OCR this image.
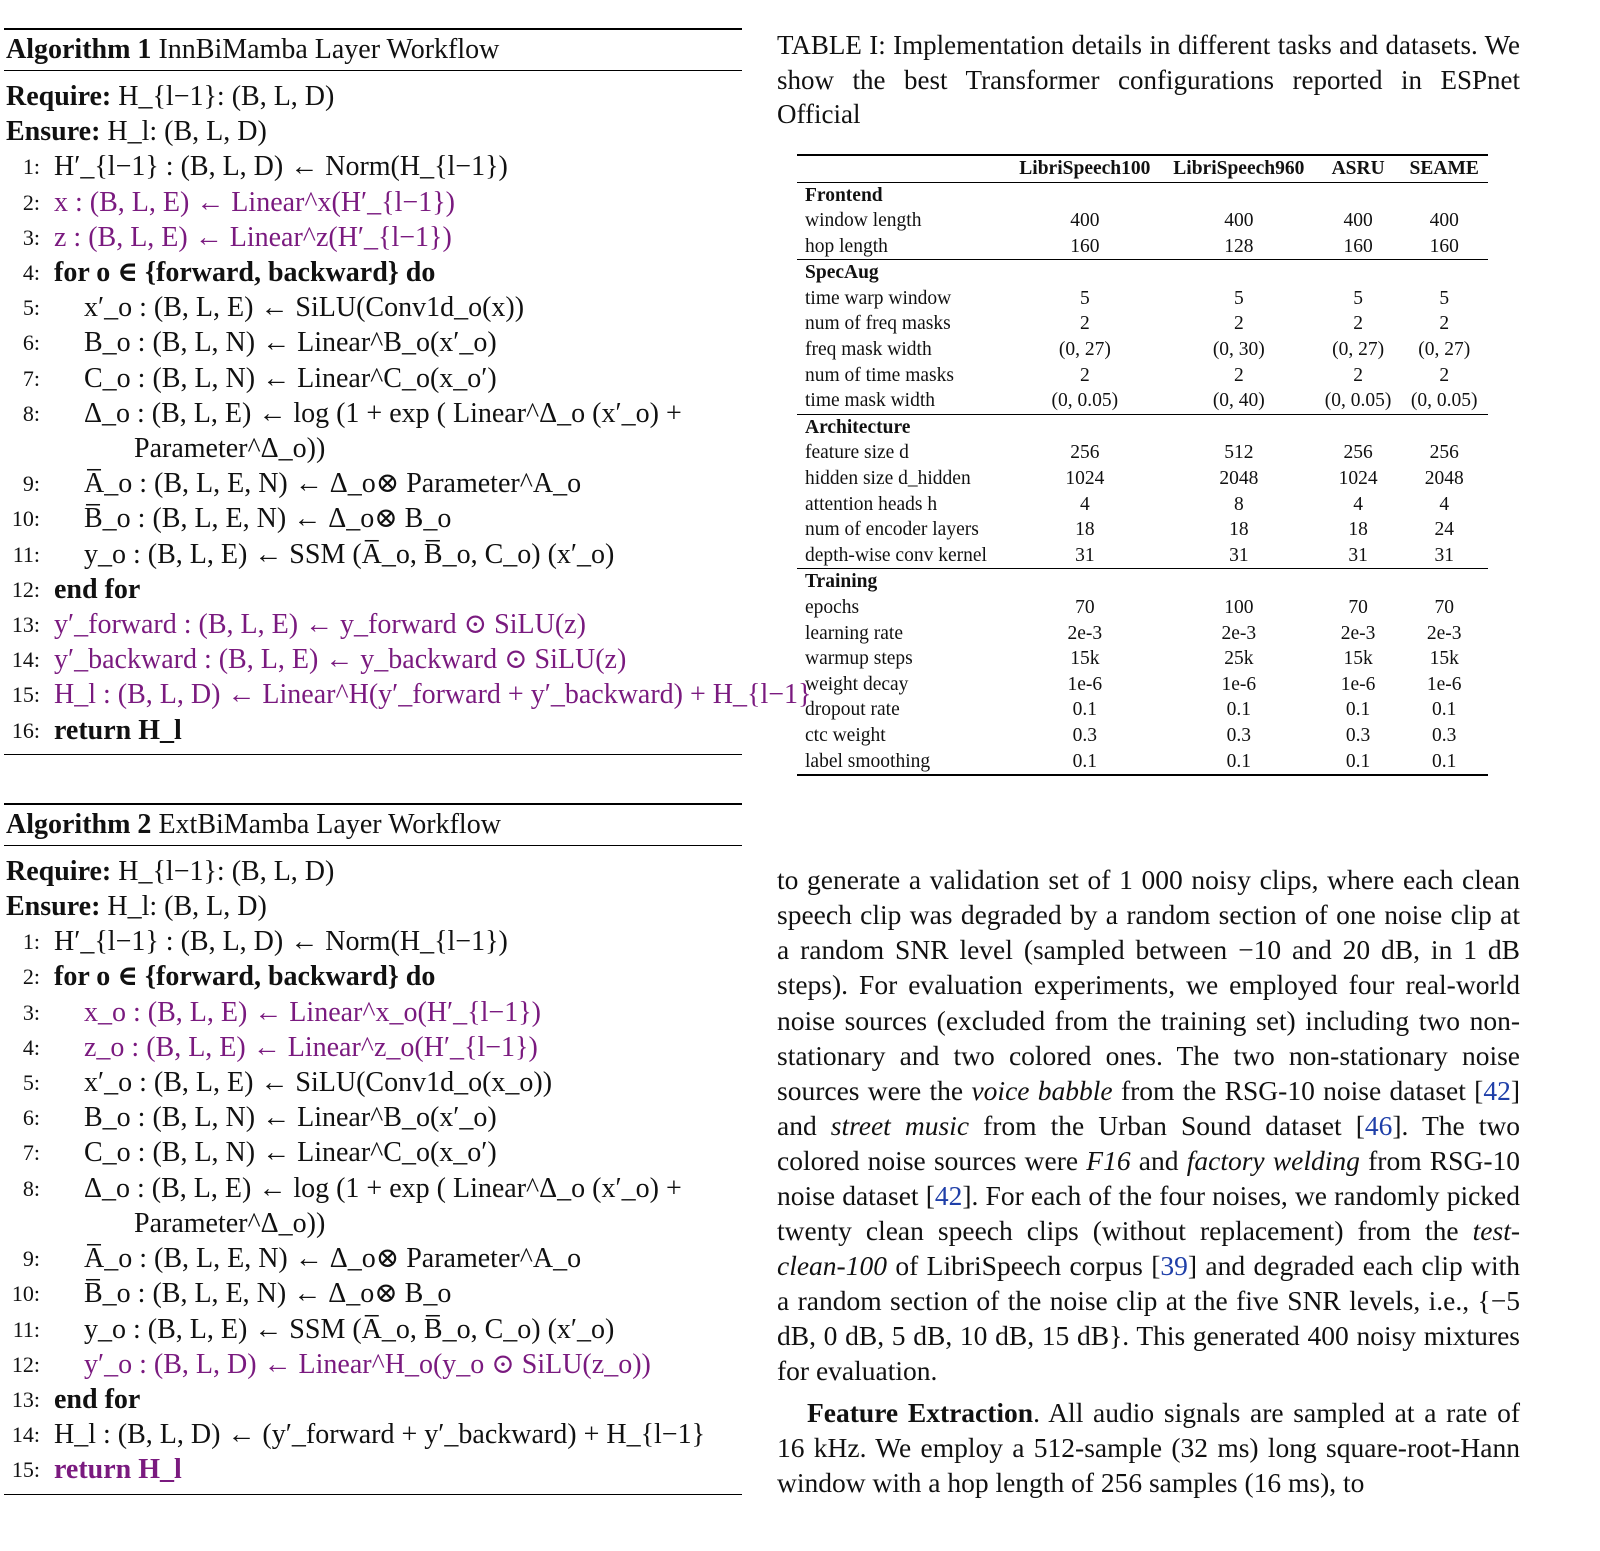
Algorithm 1 InnBiMamba Layer Workflow
Require: H_{l−1}: (B, L, D)
Ensure: H_l: (B, L, D)
1: H′_{l−1} : (B, L, D) ← Norm(H_{l−1})
2: x : (B, L, E) ← Linear^x(H′_{l−1})
3: z : (B, L, E) ← Linear^z(H′_{l−1})
4: for o ∈ {forward, backward} do
5:	x′_o : (B, L, E) ← SiLU(Conv1d_o(x))
6:	B_o : (B, L, N) ← Linear^B_o(x′_o)
7:	C_o : (B, L, N) ← Linear^C_o(x_o′)
8:	Δ_o : (B, L, E) ← log (1 + exp ( Linear^Δ_o (x′_o) +
Parameter^Δ_o))
9:	A̅_o : (B, L, E, N) ← Δ_o⊗ Parameter^A_o
10:	B̅_o : (B, L, E, N) ← Δ_o⊗ B_o
11:	y_o : (B, L, E) ← SSM (A̅_o, B̅_o, C_o) (x′_o)
12: end for
13: y′_forward : (B, L, E) ← y_forward ⊙ SiLU(z)
14: y′_backward : (B, L, E) ← y_backward ⊙ SiLU(z)
15: H_l : (B, L, D) ← Linear^H(y′_forward + y′_backward) + H_{l−1}
16: return H_l
Algorithm 2 ExtBiMamba Layer Workflow
Require: H_{l−1}: (B, L, D)
Ensure: H_l: (B, L, D)
1: H′_{l−1} : (B, L, D) ← Norm(H_{l−1})
2: for o ∈ {forward, backward} do
3:	x_o : (B, L, E) ← Linear^x_o(H′_{l−1})
4:	z_o : (B, L, E) ← Linear^z_o(H′_{l−1})
5:	x′_o : (B, L, E) ← SiLU(Conv1d_o(x_o))
6:	B_o : (B, L, N) ← Linear^B_o(x′_o)
7:	C_o : (B, L, N) ← Linear^C_o(x_o′)
8:	Δ_o : (B, L, E) ← log (1 + exp ( Linear^Δ_o (x′_o) +
Parameter^Δ_o))
9:	A̅_o : (B, L, E, N) ← Δ_o⊗ Parameter^A_o
10:	B̅_o : (B, L, E, N) ← Δ_o⊗ B_o
11:	y_o : (B, L, E) ← SSM (A̅_o, B̅_o, C_o) (x′_o)
12:	y′_o : (B, L, D) ← Linear^H_o(y_o ⊙ SiLU(z_o))
13: end for
14: H_l : (B, L, D) ← (y′_forward + y′_backward) + H_{l−1}
15: return H_l
TABLE I: Implementation details in different tasks and datasets. We show the best Transformer configurations reported in ESPnet Official
	LibriSpeech100	LibriSpeech960	ASRU	SEAME
Frontend				
window length	400	400	400	400
hop length	160	128	160	160
SpecAug				
time warp window	5	5	5	5
num of freq masks	2	2	2	2
freq mask width	(0, 27)	(0, 30)	(0, 27)	(0, 27)
num of time masks	2	2	2	2
time mask width	(0, 0.05)	(0, 40)	(0, 0.05)	(0, 0.05)
Architecture				
feature size d	256	512	256	256
hidden size d_hidden	1024	2048	1024	2048
attention heads h	4	8	4	4
num of encoder layers	18	18	18	24
depth-wise conv kernel	31	31	31	31
Training				
epochs	70	100	70	70
learning rate	2e-3	2e-3	2e-3	2e-3
warmup steps	15k	25k	15k	15k
weight decay	1e-6	1e-6	1e-6	1e-6
dropout rate	0.1	0.1	0.1	0.1
ctc weight	0.3	0.3	0.3	0.3
label smoothing	0.1	0.1	0.1	0.1

to generate a validation set of 1 000 noisy clips, where each clean speech clip was degraded by a random section of one noise clip at a random SNR level (sampled between −10 and 20 dB, in 1 dB steps). For evaluation experiments, we employed four real-world noise sources (excluded from the training set) including two non-stationary and two colored ones. The two non-stationary noise sources were the voice babble from the RSG-10 noise dataset [42] and street music from the Urban Sound dataset [46]. The two colored noise sources were F16 and factory welding from RSG-10 noise dataset [42]. For each of the four noises, we randomly picked twenty clean speech clips (without replacement) from the test-clean-100 of LibriSpeech corpus [39] and degraded each clip with a random section of the noise clip at the five SNR levels, i.e., {−5 dB, 0 dB, 5 dB, 10 dB, 15 dB}. This generated 400 noisy mixtures for evaluation.

Feature Extraction. All audio signals are sampled at a rate of 16 kHz. We employ a 512-sample (32 ms) long square-root-Hann window with a hop length of 256 samples (16 ms), to
